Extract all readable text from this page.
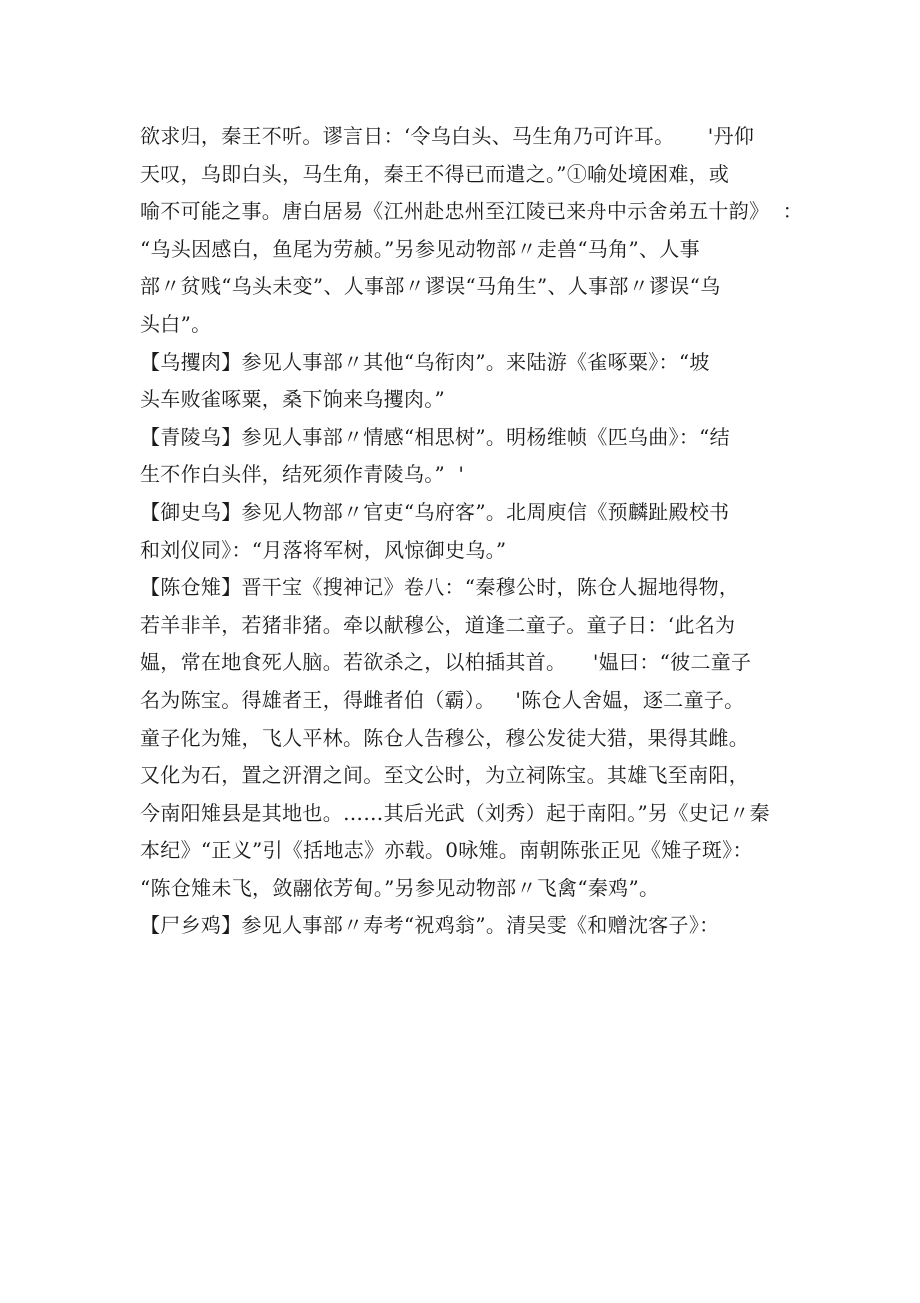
欲求归，秦王不听。谬言日：‘令乌白头、马生角乃可许耳。     '丹仰
天叹，乌即白头，马生角，秦王不得已而遣之。”①喻处境困难，或
喻不可能之事。唐白居易《江州赴忠州至江陵已来舟中示舍弟五十韵》  ：
“乌头因感白，鱼尾为劳赪。”另参见动物部〃走兽“马角”、人事
部〃贫贱“乌头未变”、人事部〃谬误“马角生”、人事部〃谬误“乌
头白”。
【乌攫肉】参见人事部〃其他“乌衔肉”。来陆游《雀啄粟》：“坡
头车败雀啄粟，桑下饷来乌攫肉。”
【青陵乌】参见人事部〃情感“相思树”。明杨维帧《匹乌曲》：“结
生不作白头伴，结死须作青陵乌。”  '
【御史乌】参见人物部〃官吏“乌府客”。北周庾信《预麟趾殿校书
和刘仪同》：“月落将军树，风惊御史乌。”
【陈仓雉】晋干宝《搜神记》卷八：“秦穆公时，陈仓人掘地得物，
若羊非羊，若猪非猪。牵以献穆公，道逢二童子。童子日：‘此名为
媪，常在地食死人脑。若欲杀之，以柏插其首。    '媪曰：“彼二童子
名为陈宝。得雄者王，得雌者伯（霸）。   '陈仓人舍媪，逐二童子。
童子化为雉，飞人平林。陈仓人告穆公，穆公发徒大猎，果得其雌。
又化为石，置之汧渭之间。至文公时，为立祠陈宝。其雄飞至南阳，
今南阳雉县是其地也。……其后光武（刘秀）起于南阳。”另《史记〃秦
本纪》“正义”引《括地志》亦载。0咏雉。南朝陈张正见《雉子斑》：
“陈仓雉未飞，敛翮依芳甸。”另参见动物部〃飞禽“秦鸡”。
【尸乡鸡】参见人事部〃寿考“祝鸡翁”。清吴雯《和赠沈客子》：
